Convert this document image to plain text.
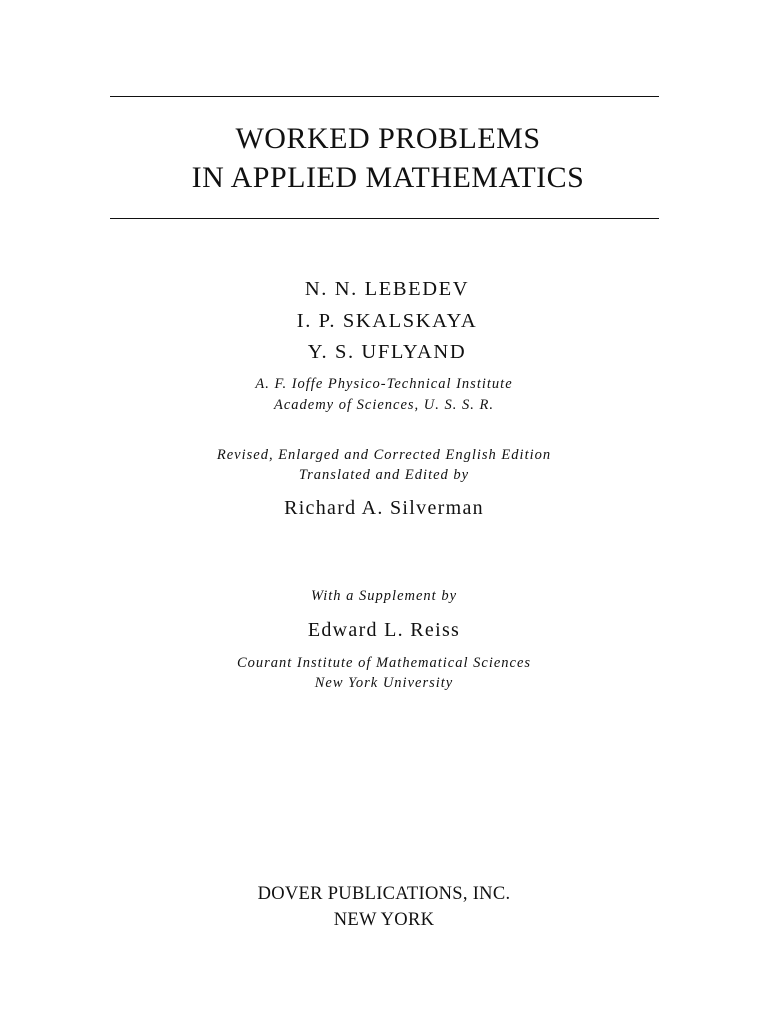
WORKED PROBLEMS
IN APPLIED MATHEMATICS
N. N. LEBEDEV
I. P. SKALSKAYA
Y. S. UFLYAND
A. F. Ioffe Physico-Technical Institute
Academy of Sciences, U. S. S. R.
Revised, Enlarged and Corrected English Edition
Translated and Edited by
Richard A. Silverman
With a Supplement by
Edward L. Reiss
Courant Institute of Mathematical Sciences
New York University
DOVER PUBLICATIONS, INC.
NEW YORK
